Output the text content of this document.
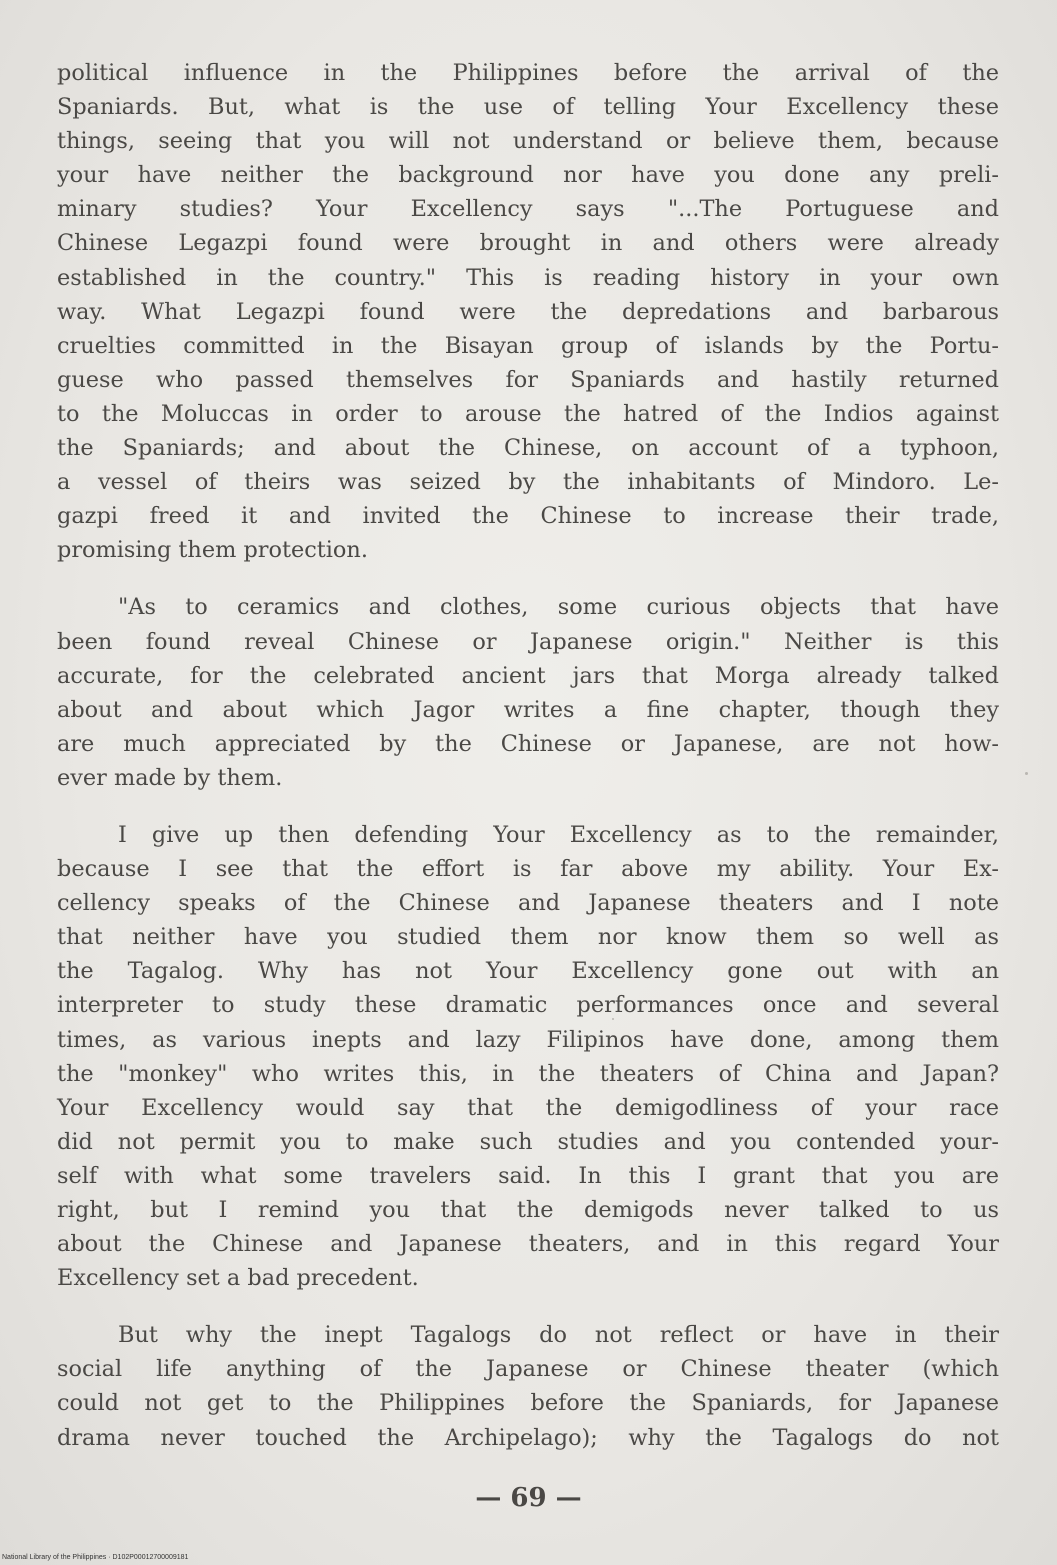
political influence in the Philippines before the arrival of the
Spaniards. But, what is the use of telling Your Excellency these
things, seeing that you will not understand or believe them, because
your have neither the background nor have you done any preli-
minary studies? Your Excellency says "...The Portuguese and
Chinese Legazpi found were brought in and others were already
established in the country." This is reading history in your own
way. What Legazpi found were the depredations and barbarous
cruelties committed in the Bisayan group of islands by the Portu-
guese who passed themselves for Spaniards and hastily returned
to the Moluccas in order to arouse the hatred of the Indios against
the Spaniards; and about the Chinese, on account of a typhoon,
a vessel of theirs was seized by the inhabitants of Mindoro. Le-
gazpi freed it and invited the Chinese to increase their trade,
promising them protection.

"As to ceramics and clothes, some curious objects that have
been found reveal Chinese or Japanese origin." Neither is this
accurate, for the celebrated ancient jars that Morga already talked
about and about which Jagor writes a fine chapter, though they
are much appreciated by the Chinese or Japanese, are not how-
ever made by them.

I give up then defending Your Excellency as to the remainder,
because I see that the effort is far above my ability. Your Ex-
cellency speaks of the Chinese and Japanese theaters and I note
that neither have you studied them nor know them so well as
the Tagalog. Why has not Your Excellency gone out with an
interpreter to study these dramatic performances once and several
times, as various inepts and lazy Filipinos have done, among them
the "monkey" who writes this, in the theaters of China and Japan?
Your Excellency would say that the demigodliness of your race
did not permit you to make such studies and you contended your-
self with what some travelers said. In this I grant that you are
right, but I remind you that the demigods never talked to us
about the Chinese and Japanese theaters, and in this regard Your
Excellency set a bad precedent.

But why the inept Tagalogs do not reflect or have in their
social life anything of the Japanese or Chinese theater (which
could not get to the Philippines before the Spaniards, for Japanese
drama never touched the Archipelago); why the Tagalogs do not

— 69 —
National Library of the Philippines · D102P00012700009181
